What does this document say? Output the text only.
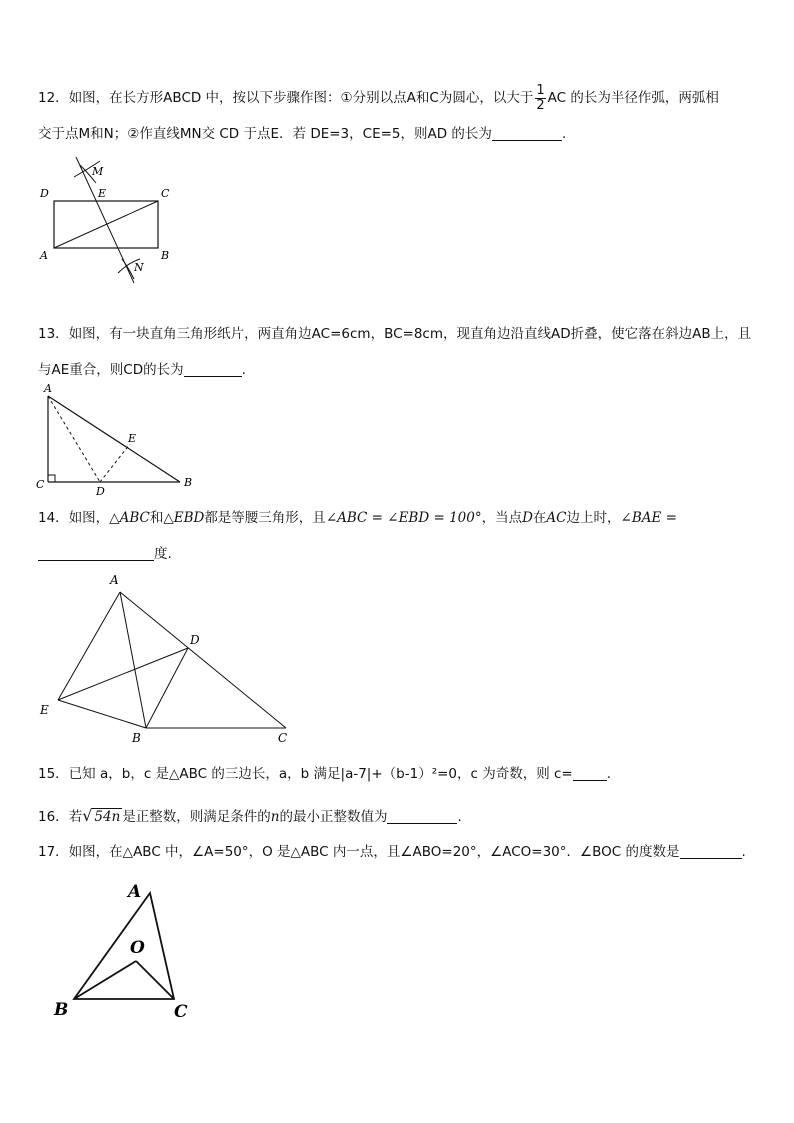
12．如图，在长方形ABCD 中，按以下步骤作图：①分别以点A和C为圆心，以大于 $\frac{1}{2}$ AC 的长为半径作弧，两弧相
交于点M和N；②作直线MN交 CD 于点E．若 DE=3，CE=5，则AD 的长为	.
D	E	C
A	B
M
N
13．如图，有一块直角三角形纸片，两直角边AC=6cm，BC=8cm，现直角边沿直线AD折叠，使它落在斜边AB上，且
与AE重合，则CD的长为	.
A
E
C
D
B
14．如图，△ABC和△EBD都是等腰三角形，且∠ABC = ∠EBD = 100°，当点D在AC边上时，∠BAE =
度.
A
D
E
B	C
15．已知 a，b，c 是△ABC 的三边长，a，b 满足|a-7|+（b-1）²=0，c 为奇数，则 c=	.
16．若√ 54n 是正整数，则满足条件的n的最小正整数值为	.
17．如图，在△ABC 中，∠A=50°，O 是△ABC 内一点，且∠ABO=20°，∠ACO=30°．∠BOC 的度数是	.
A
O
B	C
